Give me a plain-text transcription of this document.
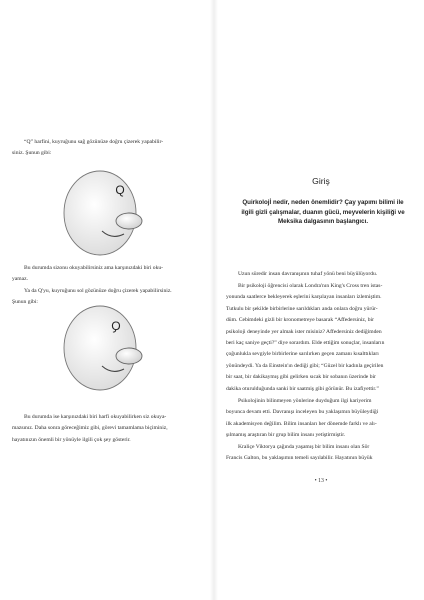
“Q” harfini, kuyruğunu sağ gözünüze doğru çizerek yapabilir-
siniz. Şunun gibi:
Q
Bu durumda sizonu okuyabilirsiniz ama karşınızdaki biri oku-
yamaz.
Ya da Q'yu, kuyruğunu sol gözünüze doğru çizerek yapabilirsiniz.
Şunun gibi:
Q
Bu durumda ise karşınızdaki biri harfi okuyabilirken siz okuya-
mazsınız. Daha sonra göreceğimiz gibi, görevi tamamlama biçiminiz,
hayatınızın önemli bir yönüyle ilgili çok şey gösterir.
Giriş
Quirkolojİ nedir, neden önemlidir? Çay yapımı bilimi ile
ilgili gizli çalışmalar, duanın gücü, meyvelerin kişiliği ve
Meksika dalgasının başlangıcı.
Uzun süredir insan davranışının tuhaf yönü beni büyülüyordu.
Bir psikoloji öğrencisi olarak Londra'nın King's Cross tren istas-
yonunda saatlerce bekleyerek eşlerini karşılayan insanları izlemiştim.
Tutkulu bir şekilde birbirlerine sarıldıkları anda onlara doğru yürür-
düm. Cebimdeki gizli bir kronometreye basarak “Affedersiniz, bir
psikoloji deneyinde yer almak ister misiniz? Affedersiniz dediğimden
beri kaç saniye geçti?” diye sorardım. Elde ettiğim sonuçlar, insanların
çoğunlukla sevgiyle birbirlerine sarılırken geçen zamanı kısalttıkları
yönündeydi. Ya da Einstein'ın dediği gibi; “Güzel bir kadınla geçirilen
bir saat, bir dakikaymış gibi gelirken sıcak bir sobanın üzerinde bir
dakika oturulduğunda sanki bir saatmiş gibi görünür. Bu izafiyettir.”
Psikolojinin bilinmeyen yönlerine duyduğum ilgi kariyerim
boyunca devam etti. Davranışı inceleyen bu yaklaşımın büyüleydiği
ilk akademisyen değilim. Bilim insanları her dönemde farklı ve alı-
şılmamış araştıran bir grup bilim insanı yetiştirmiştir.
Kraliçe Viktorya çağında yaşamış bir bilim insanı olan Sör
Francis Galton, bu yaklaşımın temeli sayılabilir. Hayatının büyük
• 13 •
